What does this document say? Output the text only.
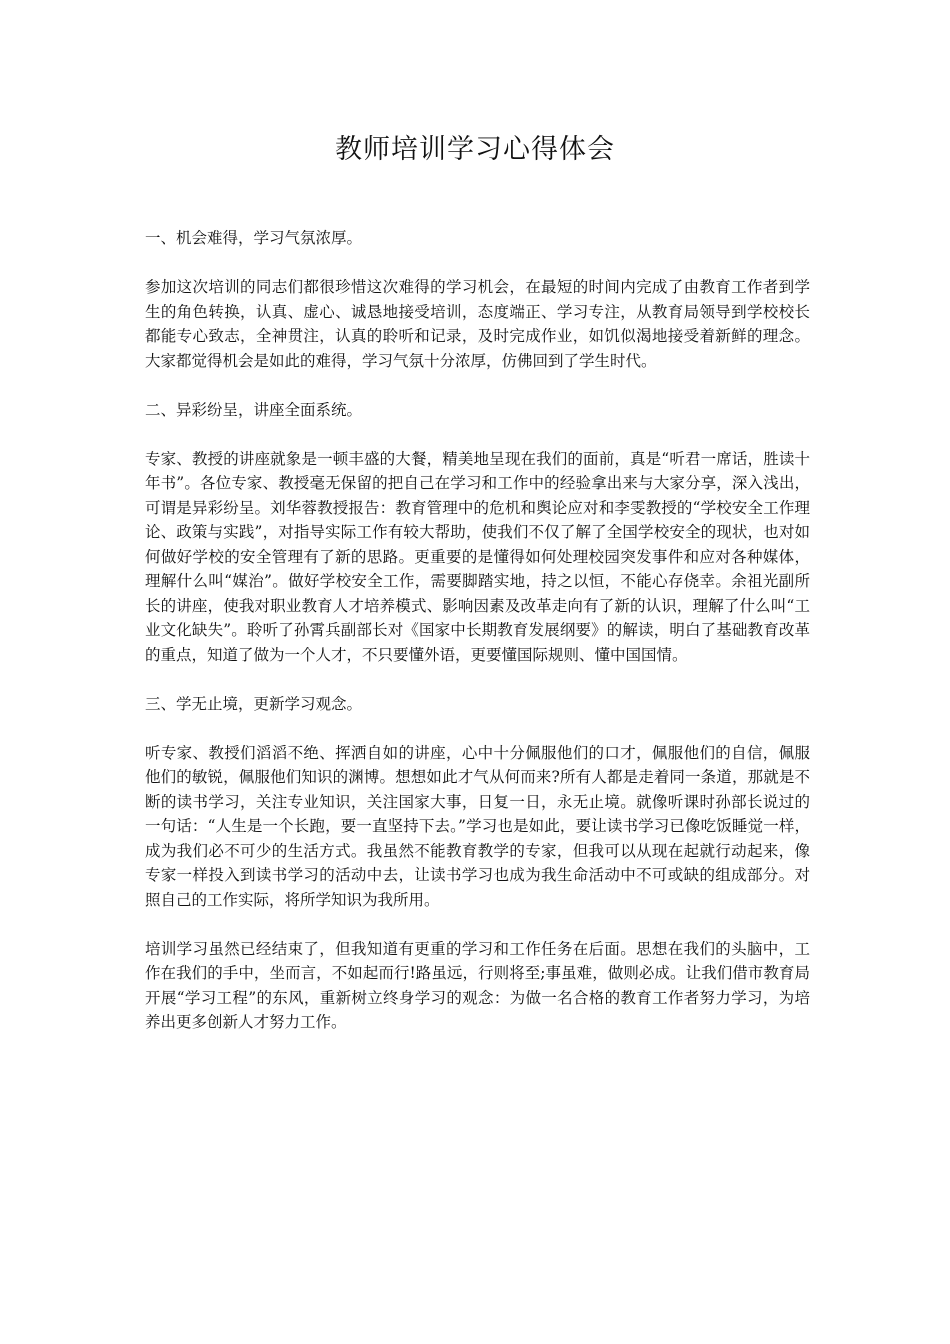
教师培训学习心得体会

一、机会难得，学习气氛浓厚。

参加这次培训的同志们都很珍惜这次难得的学习机会，在最短的时间内完成了由教育工作者到学生的角色转换，认真、虚心、诚恳地接受培训，态度端正、学习专注，从教育局领导到学校校长都能专心致志，全神贯注，认真的聆听和记录，及时完成作业，如饥似渴地接受着新鲜的理念。大家都觉得机会是如此的难得，学习气氛十分浓厚，仿佛回到了学生时代。

二、异彩纷呈，讲座全面系统。

专家、教授的讲座就象是一顿丰盛的大餐，精美地呈现在我们的面前，真是“听君一席话，胜读十年书”。各位专家、教授毫无保留的把自己在学习和工作中的经验拿出来与大家分享，深入浅出，可谓是异彩纷呈。刘华蓉教授报告：教育管理中的危机和舆论应对和李雯教授的“学校安全工作理论、政策与实践”，对指导实际工作有较大帮助，使我们不仅了解了全国学校安全的现状，也对如何做好学校的安全管理有了新的思路。更重要的是懂得如何处理校园突发事件和应对各种媒体，理解什么叫“媒治”。做好学校安全工作，需要脚踏实地，持之以恒，不能心存侥幸。余祖光副所长的讲座，使我对职业教育人才培养模式、影响因素及改革走向有了新的认识，理解了什么叫“工业文化缺失”。聆听了孙霄兵副部长对《国家中长期教育发展纲要》的解读，明白了基础教育改革的重点，知道了做为一个人才，不只要懂外语，更要懂国际规则、懂中国国情。

三、学无止境，更新学习观念。

听专家、教授们滔滔不绝、挥洒自如的讲座，心中十分佩服他们的口才，佩服他们的自信，佩服他们的敏锐，佩服他们知识的渊博。想想如此才气从何而来?所有人都是走着同一条道，那就是不断的读书学习，关注专业知识，关注国家大事，日复一日，永无止境。就像听课时孙部长说过的一句话：“人生是一个长跑，要一直坚持下去。”学习也是如此，要让读书学习已像吃饭睡觉一样，成为我们必不可少的生活方式。我虽然不能教育教学的专家，但我可以从现在起就行动起来，像专家一样投入到读书学习的活动中去，让读书学习也成为我生命活动中不可或缺的组成部分。对照自己的工作实际，将所学知识为我所用。

培训学习虽然已经结束了，但我知道有更重的学习和工作任务在后面。思想在我们的头脑中，工作在我们的手中，坐而言，不如起而行!路虽远，行则将至;事虽难，做则必成。让我们借市教育局开展“学习工程”的东风，重新树立终身学习的观念：为做一名合格的教育工作者努力学习，为培养出更多创新人才努力工作。
